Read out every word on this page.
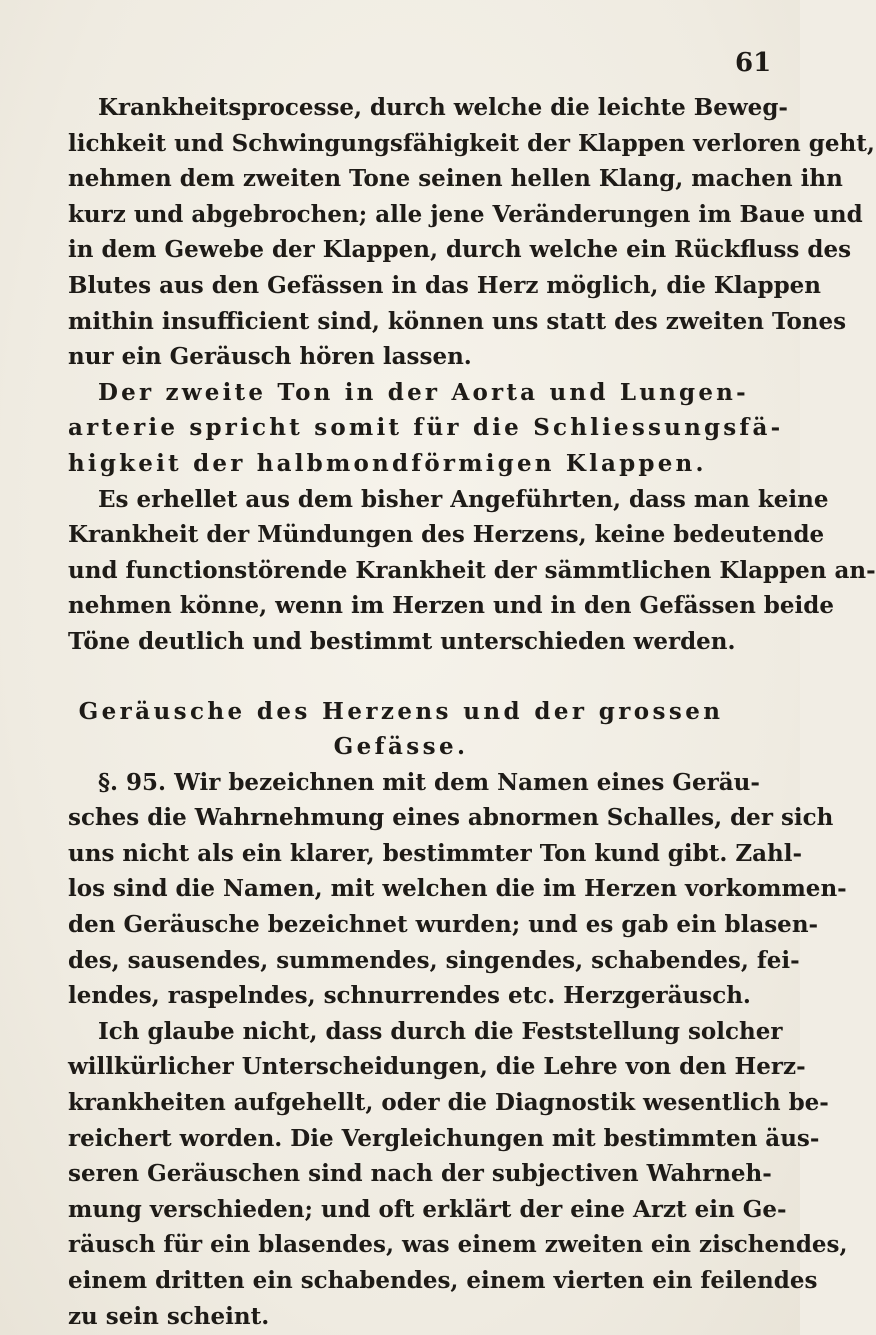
61
Krankheitsprocesse, durch welche die leichte Beweg-
lichkeit und Schwingungsfähigkeit der Klappen verloren geht,
nehmen dem zweiten Tone seinen hellen Klang, machen ihn
kurz und abgebrochen; alle jene Veränderungen im Baue und
in dem Gewebe der Klappen, durch welche ein Rückfluss des
Blutes aus den Gefässen in das Herz möglich, die Klappen
mithin insufficient sind, können uns statt des zweiten Tones
nur ein Geräusch hören lassen.
Der zweite Ton in der Aorta und Lungen-
arterie spricht somit für die Schliessungsfä-
higkeit der halbmondförmigen Klappen.
Es erhellet aus dem bisher Angeführten, dass man keine
Krankheit der Mündungen des Herzens, keine bedeutende
und functionstörende Krankheit der sämmtlichen Klappen an-
nehmen könne, wenn im Herzen und in den Gefässen beide
Töne deutlich und bestimmt unterschieden werden.
Geräusche des Herzens und der grossen
Gefässe.
§. 95. Wir bezeichnen mit dem Namen eines Geräu-
sches die Wahrnehmung eines abnormen Schalles, der sich
uns nicht als ein klarer, bestimmter Ton kund gibt. Zahl-
los sind die Namen, mit welchen die im Herzen vorkommen-
den Geräusche bezeichnet wurden; und es gab ein blasen-
des, sausendes, summendes, singendes, schabendes, fei-
lendes, raspelndes, schnurrendes etc. Herzgeräusch.
Ich glaube nicht, dass durch die Feststellung solcher
willkürlicher Unterscheidungen, die Lehre von den Herz-
krankheiten aufgehellt, oder die Diagnostik wesentlich be-
reichert worden. Die Vergleichungen mit bestimmten äus-
seren Geräuschen sind nach der subjectiven Wahrneh-
mung verschieden; und oft erklärt der eine Arzt ein Ge-
räusch für ein blasendes, was einem zweiten ein zischendes,
einem dritten ein schabendes, einem vierten ein feilendes
zu sein scheint.
